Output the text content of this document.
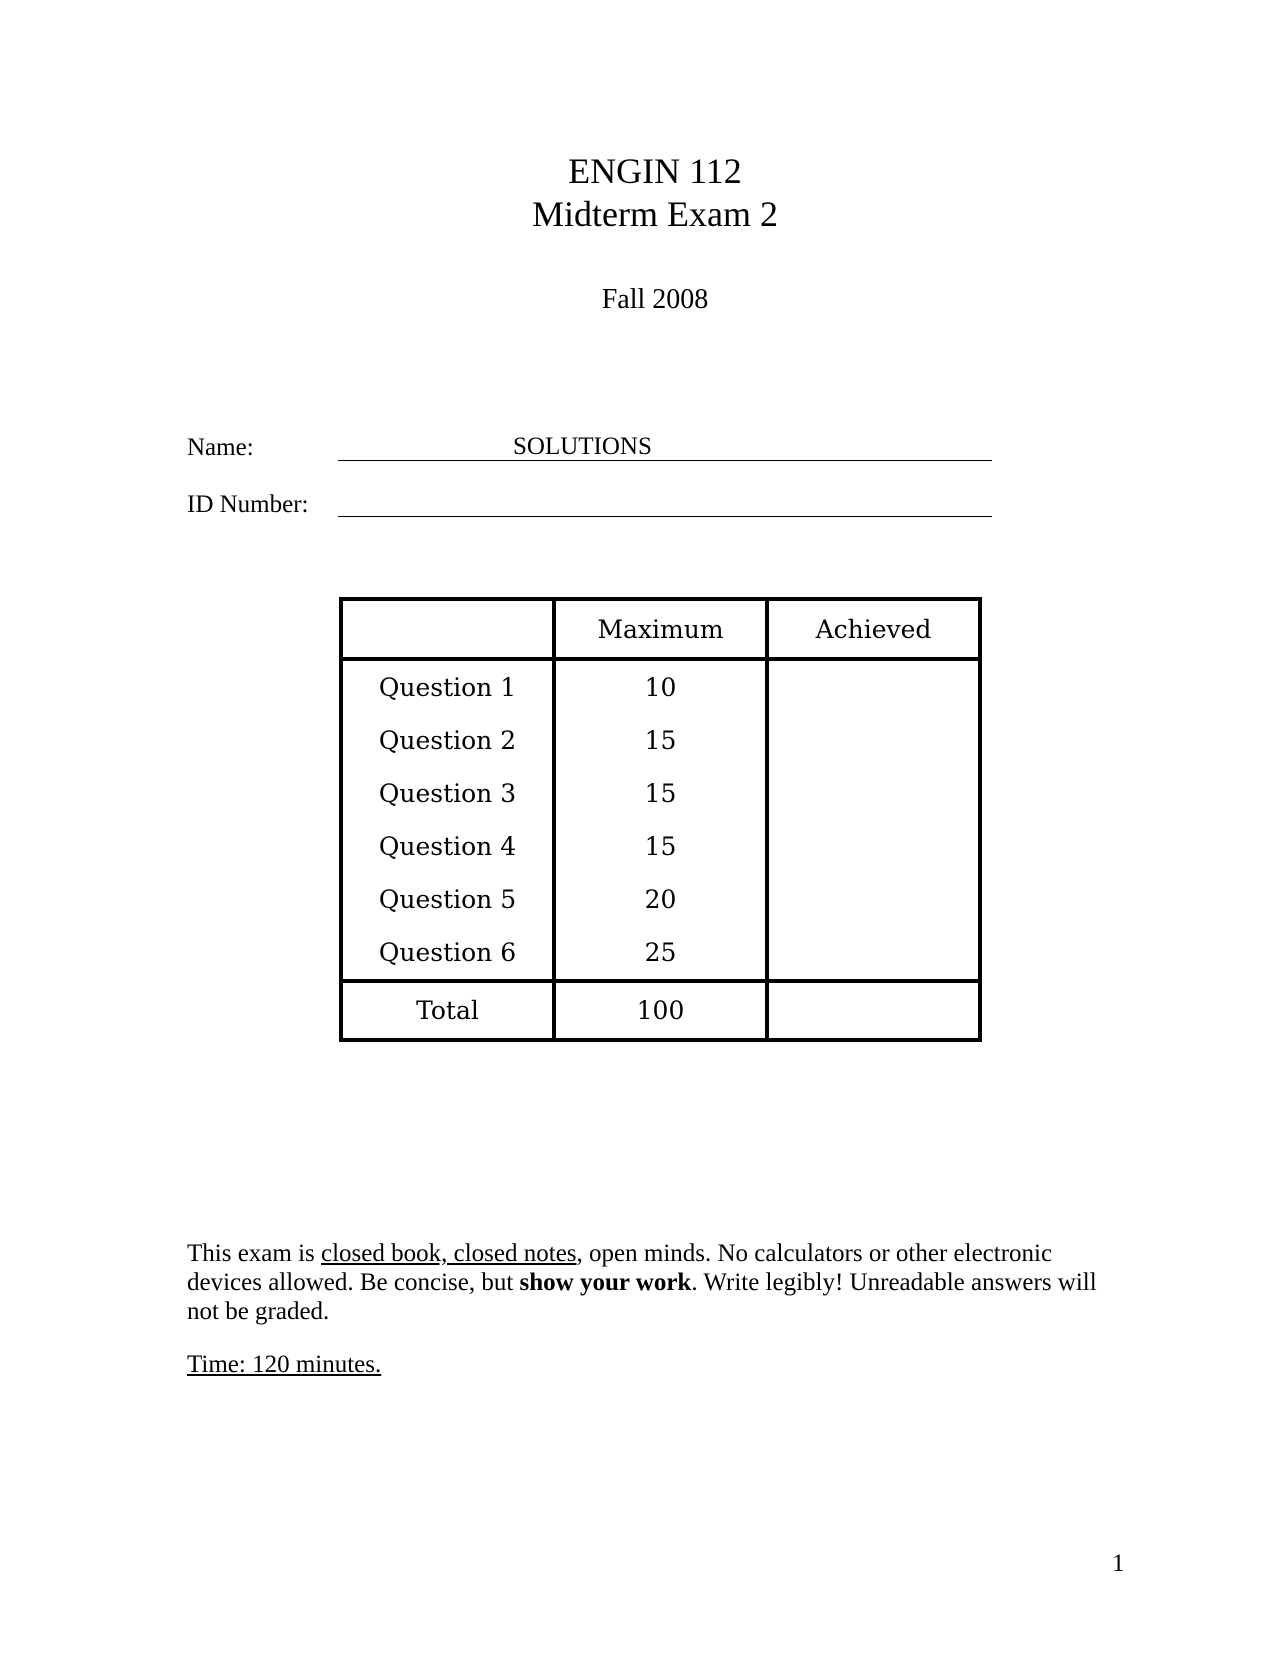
ENGIN 112
Midterm Exam 2
Fall 2008
Name:	SOLUTIONS
ID Number:
	Maximum	Achieved
Question 1	10	
Question 2	15	
Question 3	15	
Question 4	15	
Question 5	20	
Question 6	25	
Total	100	
This exam is closed book, closed notes, open minds. No calculators or other electronic devices allowed. Be concise, but show your work. Write legibly! Unreadable answers will not be graded.
Time: 120 minutes.
1
